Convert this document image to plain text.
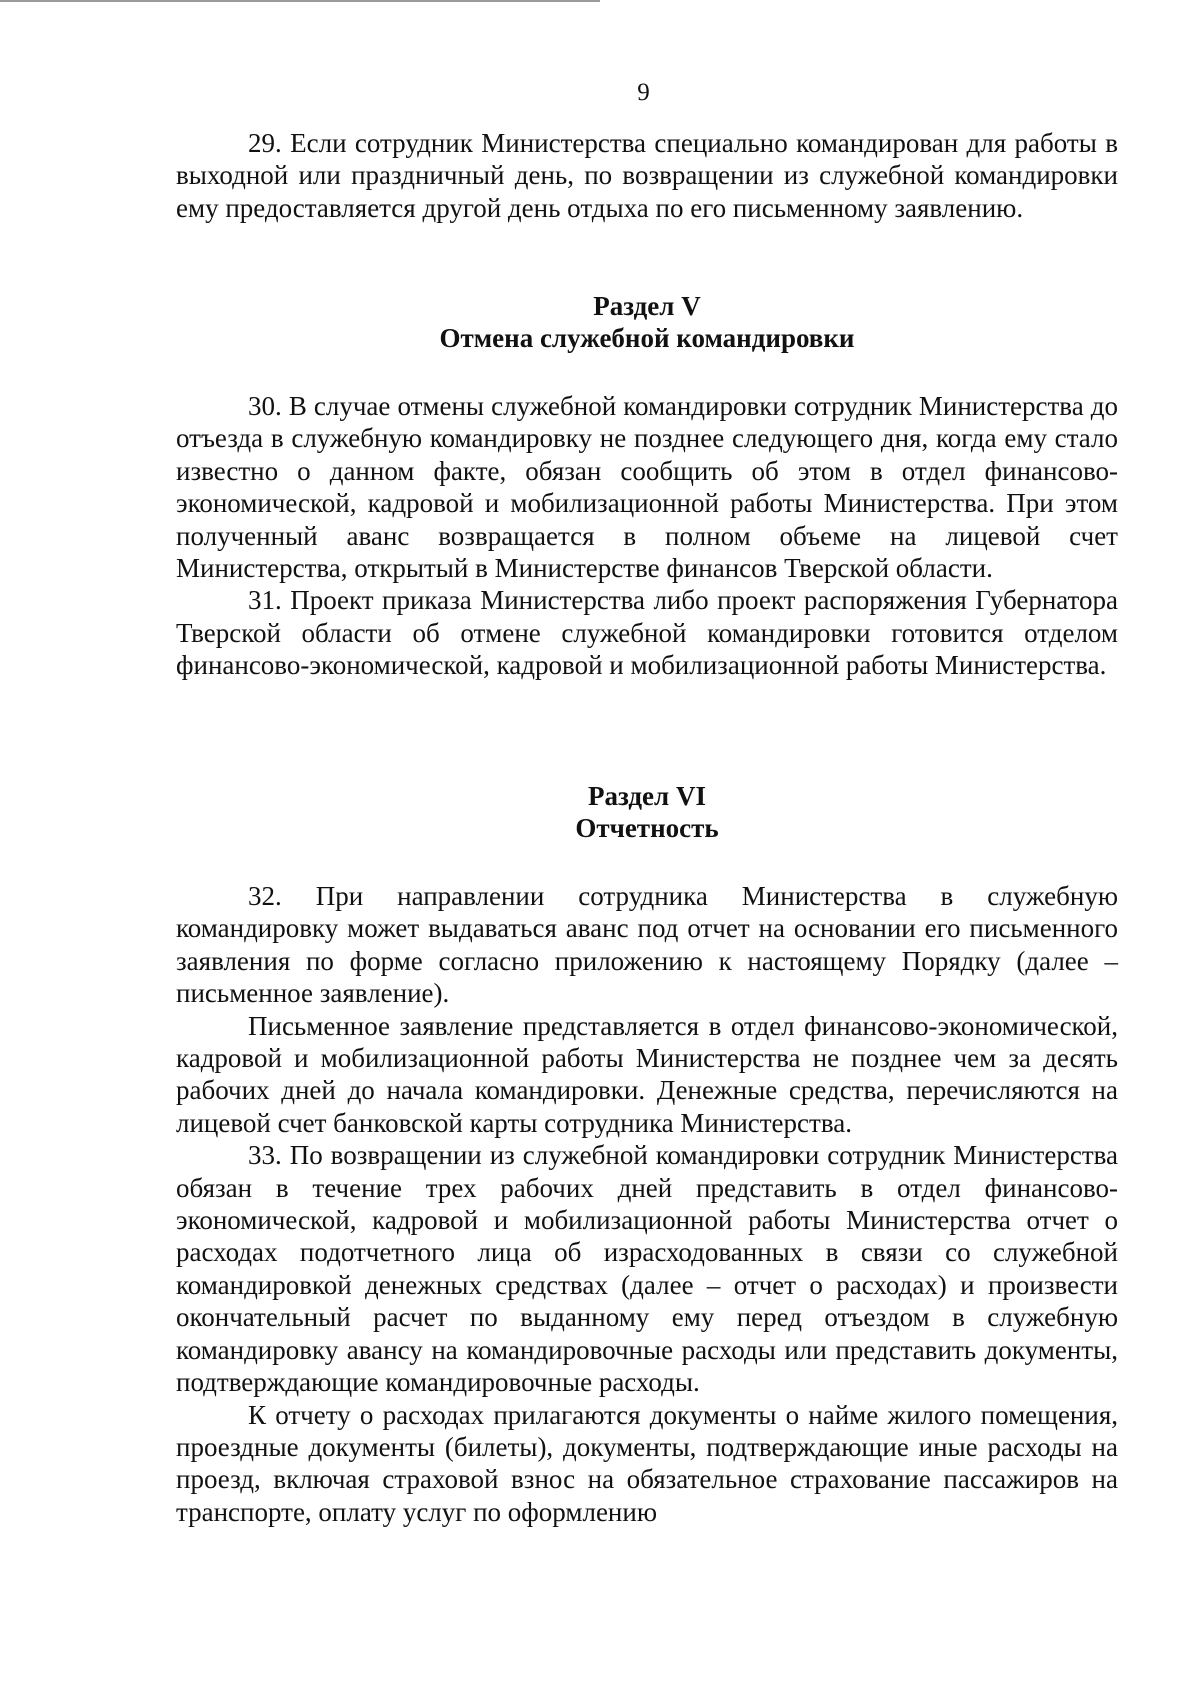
9

29. Если сотрудник Министерства специально командирован для работы в выходной или праздничный день, по возвращении из служебной командировки ему предоставляется другой день отдыха по его письменному заявлению.

Раздел V
Отмена служебной командировки

30. В случае отмены служебной командировки сотрудник Министерства до отъезда в служебную командировку не позднее следующего дня, когда ему стало известно о данном факте, обязан сообщить об этом в отдел финансово-экономической, кадровой и мобилизационной работы Министерства. При этом полученный аванс возвращается в полном объеме на лицевой счет Министерства, открытый в Министерстве финансов Тверской области.

31. Проект приказа Министерства либо проект распоряжения Губернатора Тверской области об отмене служебной командировки готовится отделом финансово-экономической, кадровой и мобилизационной работы Министерства.

Раздел VI
Отчетность

32. При направлении сотрудника Министерства в служебную командировку может выдаваться аванс под отчет на основании его письменного заявления по форме согласно приложению к настоящему Порядку (далее – письменное заявление).

Письменное заявление представляется в отдел финансово-экономической, кадровой и мобилизационной работы Министерства не позднее чем за десять рабочих дней до начала командировки. Денежные средства, перечисляются на лицевой счет банковской карты сотрудника Министерства.

33. По возвращении из служебной командировки сотрудник Министерства обязан в течение трех рабочих дней представить в отдел финансово-экономической, кадровой и мобилизационной работы Министерства отчет о расходах подотчетного лица об израсходованных в связи со служебной командировкой денежных средствах (далее – отчет о расходах) и произвести окончательный расчет по выданному ему перед отъездом в служебную командировку авансу на командировочные расходы или представить документы, подтверждающие командировочные расходы.

К отчету о расходах прилагаются документы о найме жилого помещения, проездные документы (билеты), документы, подтверждающие иные расходы на проезд, включая страховой взнос на обязательное страхование пассажиров на транспорте, оплату услуг по оформлению
